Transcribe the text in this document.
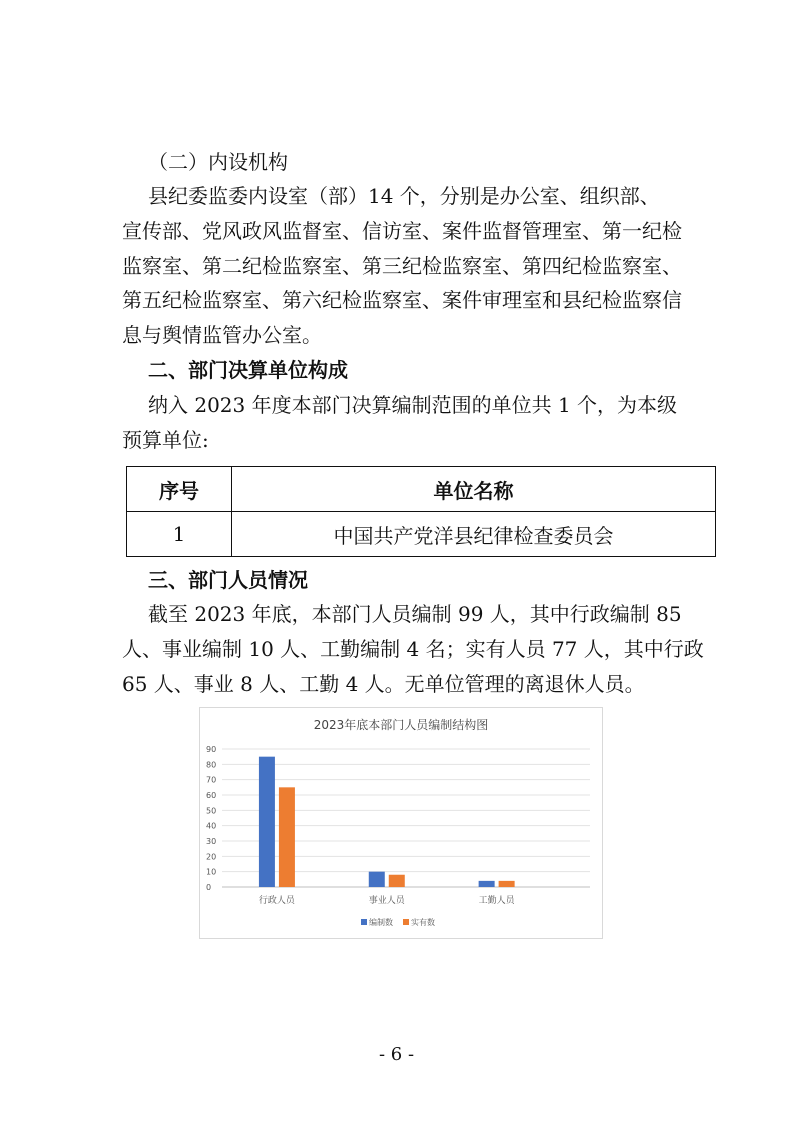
（二）内设机构
县纪委监委内设室（部）14 个，分别是办公室、组织部、
宣传部、党风政风监督室、信访室、案件监督管理室、第一纪检
监察室、第二纪检监察室、第三纪检监察室、第四纪检监察室、
第五纪检监察室、第六纪检监察室、案件审理室和县纪检监察信
息与舆情监管办公室。
二、部门决算单位构成
纳入 2023 年度本部门决算编制范围的单位共 1 个，为本级
预算单位:
序号	单位名称
1	中国共产党洋县纪律检查委员会
三、部门人员情况
截至 2023 年底，本部门人员编制 99 人，其中行政编制 85
人、事业编制 10 人、工勤编制 4 名；实有人员 77 人，其中行政
65 人、事业 8 人、工勤 4 人。无单位管理的离退休人员。
2023年底本部门人员编制结构图
0
10
20
30
40
50
60
70
80
90
行政人员	事业人员	工勤人员
编制数 实有数
- 6 -
